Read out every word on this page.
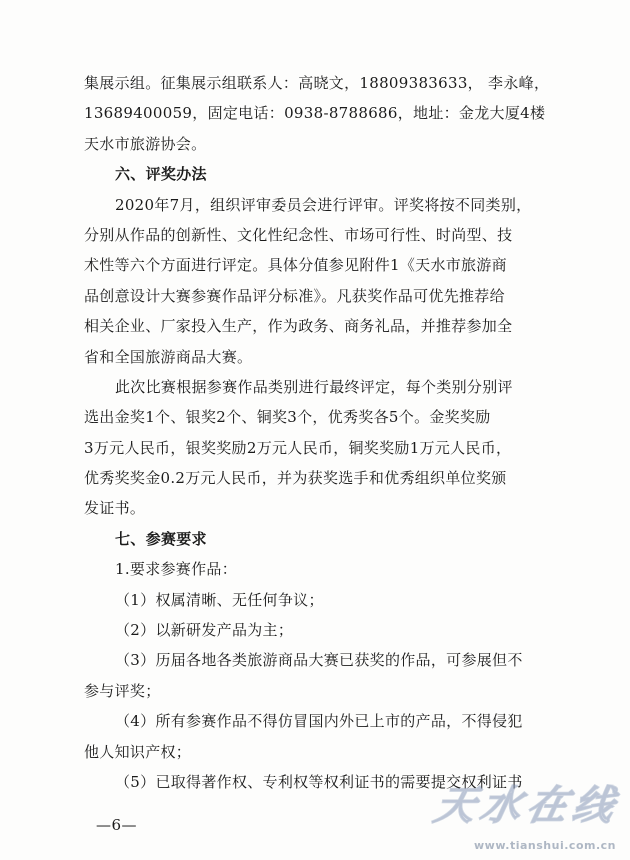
集展示组。征集展示组联系人：高晓文，18809383633， 李永峰，
13689400059，固定电话：0938-8788686，地址：金龙大厦4楼
天水市旅游协会。
六、评奖办法
2020年7月，组织评审委员会进行评审。评奖将按不同类别，
分别从作品的创新性、文化性纪念性、市场可行性、时尚型、技
术性等六个方面进行评定。具体分值参见附件1《天水市旅游商
品创意设计大赛参赛作品评分标准》。凡获奖作品可优先推荐给
相关企业、厂家投入生产，作为政务、商务礼品，并推荐参加全
省和全国旅游商品大赛。
此次比赛根据参赛作品类别进行最终评定，每个类别分别评
选出金奖1个、银奖2个、铜奖3个，优秀奖各5个。金奖奖励
3万元人民币，银奖奖励2万元人民币，铜奖奖励1万元人民币，
优秀奖奖金0.2万元人民币，并为获奖选手和优秀组织单位奖颁
发证书。
七、参赛要求
1.要求参赛作品：
（1）权属清晰、无任何争议；
（2）以新研发产品为主；
（3）历届各地各类旅游商品大赛已获奖的作品，可参展但不
参与评奖；
（4）所有参赛作品不得仿冒国内外已上市的产品，不得侵犯
他人知识产权；
（5）已取得著作权、专利权等权利证书的需要提交权利证书
—6—	天水在线
www.tianshui.com.cn
